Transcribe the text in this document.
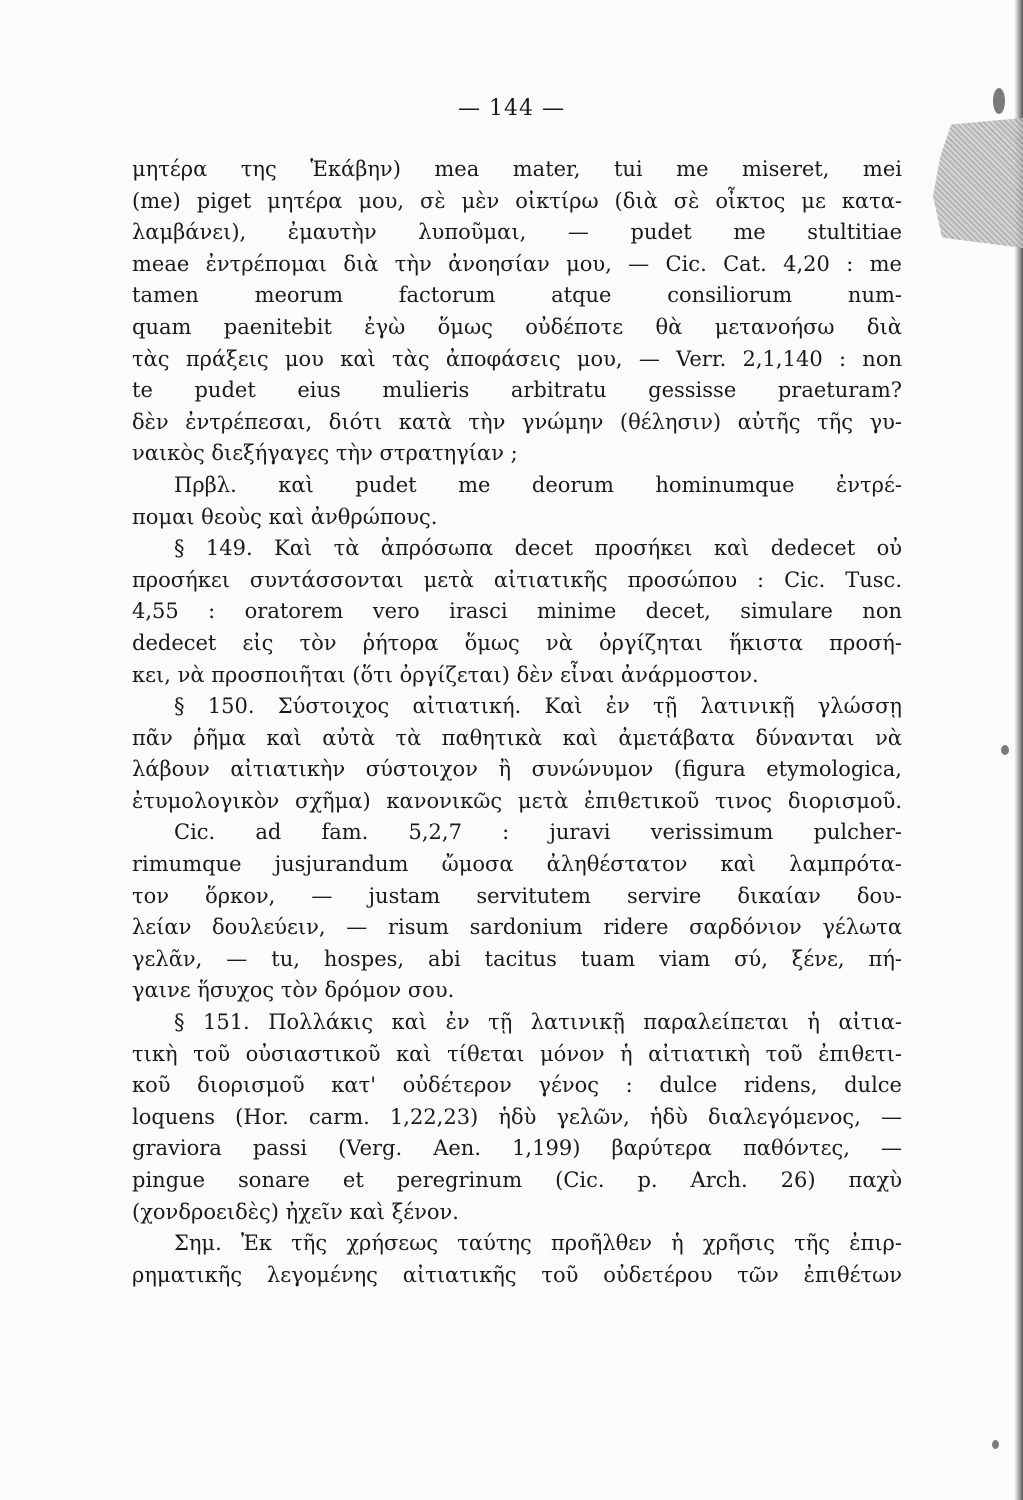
— 144 —
μητέρα της Ἑκάβην) mea mater, tui me miseret, mei
(me) piget μητέρα μου, σὲ μὲν οἰκτίρω (διὰ σὲ οἶκτος με κατα-
λαμβάνει), ἐμαυτὴν λυποῦμαι, — pudet me stultitiae
meae ἐντρέπομαι διὰ τὴν ἀνοησίαν μου, — Cic. Cat. 4,20 : me
tamen meorum factorum atque consiliorum num-
quam paenitebit ἐγὼ ὅμως οὐδέποτε θὰ μετανοήσω διὰ
τὰς πράξεις μου καὶ τὰς ἀποφάσεις μου, — Verr. 2,1,140 : non
te pudet eius mulieris arbitratu gessisse praeturam?
δὲν ἐντρέπεσαι, διότι κατὰ τὴν γνώμην (θέλησιν) αὐτῆς τῆς γυ-
ναικὸς διεξήγαγες τὴν στρατηγίαν ;
Πρβλ. καὶ pudet me deorum hominumque ἐντρέ-
πομαι θεοὺς καὶ ἀνθρώπους.
§ 149. Καὶ τὰ ἀπρόσωπα decet προσήκει καὶ dedecet οὐ
προσήκει συντάσσονται μετὰ αἰτιατικῆς προσώπου : Cic. Tusc.
4,55 : oratorem vero irasci minime decet, simulare non
dedecet εἰς τὸν ῥήτορα ὅμως νὰ ὀργίζηται ἥκιστα προσή-
κει, νὰ προσποιῆται (ὅτι ὀργίζεται) δὲν εἶναι ἀνάρμοστον.
§ 150. Σύστοιχος αἰτιατική. Καὶ ἐν τῇ λατινικῇ γλώσσῃ
πᾶν ῥῆμα καὶ αὐτὰ τὰ παθητικὰ καὶ ἀμετάβατα δύνανται νὰ
λάβουν αἰτιατικὴν σύστοιχον ἢ συνώνυμον (figura etymologica,
ἐτυμολογικὸν σχῆμα) κανονικῶς μετὰ ἐπιθετικοῦ τινος διορισμοῦ.
Cic. ad fam. 5,2,7 : juravi verissimum pulcher-
rimumque jusjurandum ὤμοσα ἀληθέστατον καὶ λαμπρότα-
τον ὅρκον, — justam servitutem servire δικαίαν δου-
λείαν δουλεύειν, — risum sardonium ridere σαρδόνιον γέλωτα
γελᾶν, — tu, hospes, abi tacitus tuam viam σύ, ξένε, πή-
γαινε ἥσυχος τὸν δρόμον σου.
§ 151. Πολλάκις καὶ ἐν τῇ λατινικῇ παραλείπεται ἡ αἰτια-
τικὴ τοῦ οὐσιαστικοῦ καὶ τίθεται μόνον ἡ αἰτιατικὴ τοῦ ἐπιθετι-
κοῦ διορισμοῦ κατ' οὐδέτερον γένος : dulce ridens, dulce
loquens (Hor. carm. 1,22,23) ἡδὺ γελῶν, ἡδὺ διαλεγόμενος, —
graviora passi (Verg. Aen. 1,199) βαρύτερα παθόντες, —
pingue sonare et peregrinum (Cic. p. Arch. 26) παχὺ
(χονδροειδὲς) ἠχεῖν καὶ ξένον.
Σημ. Ἐκ τῆς χρήσεως ταύτης προῆλθεν ἡ χρῆσις τῆς ἐπιρ-
ρηματικῆς λεγομένης αἰτιατικῆς τοῦ οὐδετέρου τῶν ἐπιθέτων
